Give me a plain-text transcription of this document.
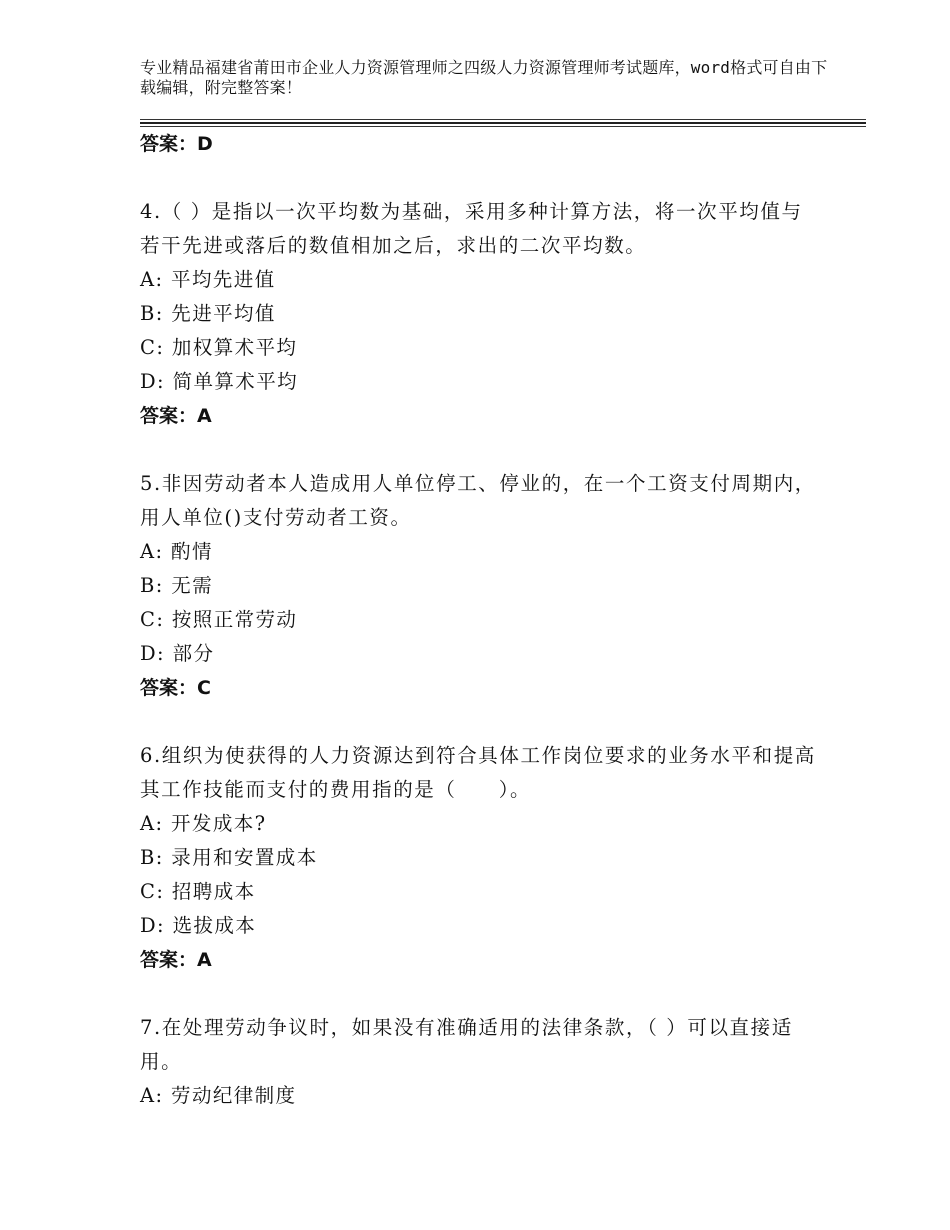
专业精品福建省莆田市企业人力资源管理师之四级人力资源管理师考试题库，word格式可自由下载编辑，附完整答案！
答案：D
4.（ ）是指以一次平均数为基础，采用多种计算方法，将一次平均值与若干先进或落后的数值相加之后，求出的二次平均数。
A: 平均先进值
B: 先进平均值
C: 加权算术平均
D: 简单算术平均
答案：A
5.非因劳动者本人造成用人单位停工、停业的，在一个工资支付周期内，用人单位()支付劳动者工资。
A: 酌情
B: 无需
C: 按照正常劳动
D: 部分
答案：C
6.组织为使获得的人力资源达到符合具体工作岗位要求的业务水平和提高其工作技能而支付的费用指的是（　　）。
A: 开发成本?
B: 录用和安置成本
C: 招聘成本
D: 选拔成本
答案：A
7.在处理劳动争议时，如果没有准确适用的法律条款，（ ）可以直接适用。
A: 劳动纪律制度
